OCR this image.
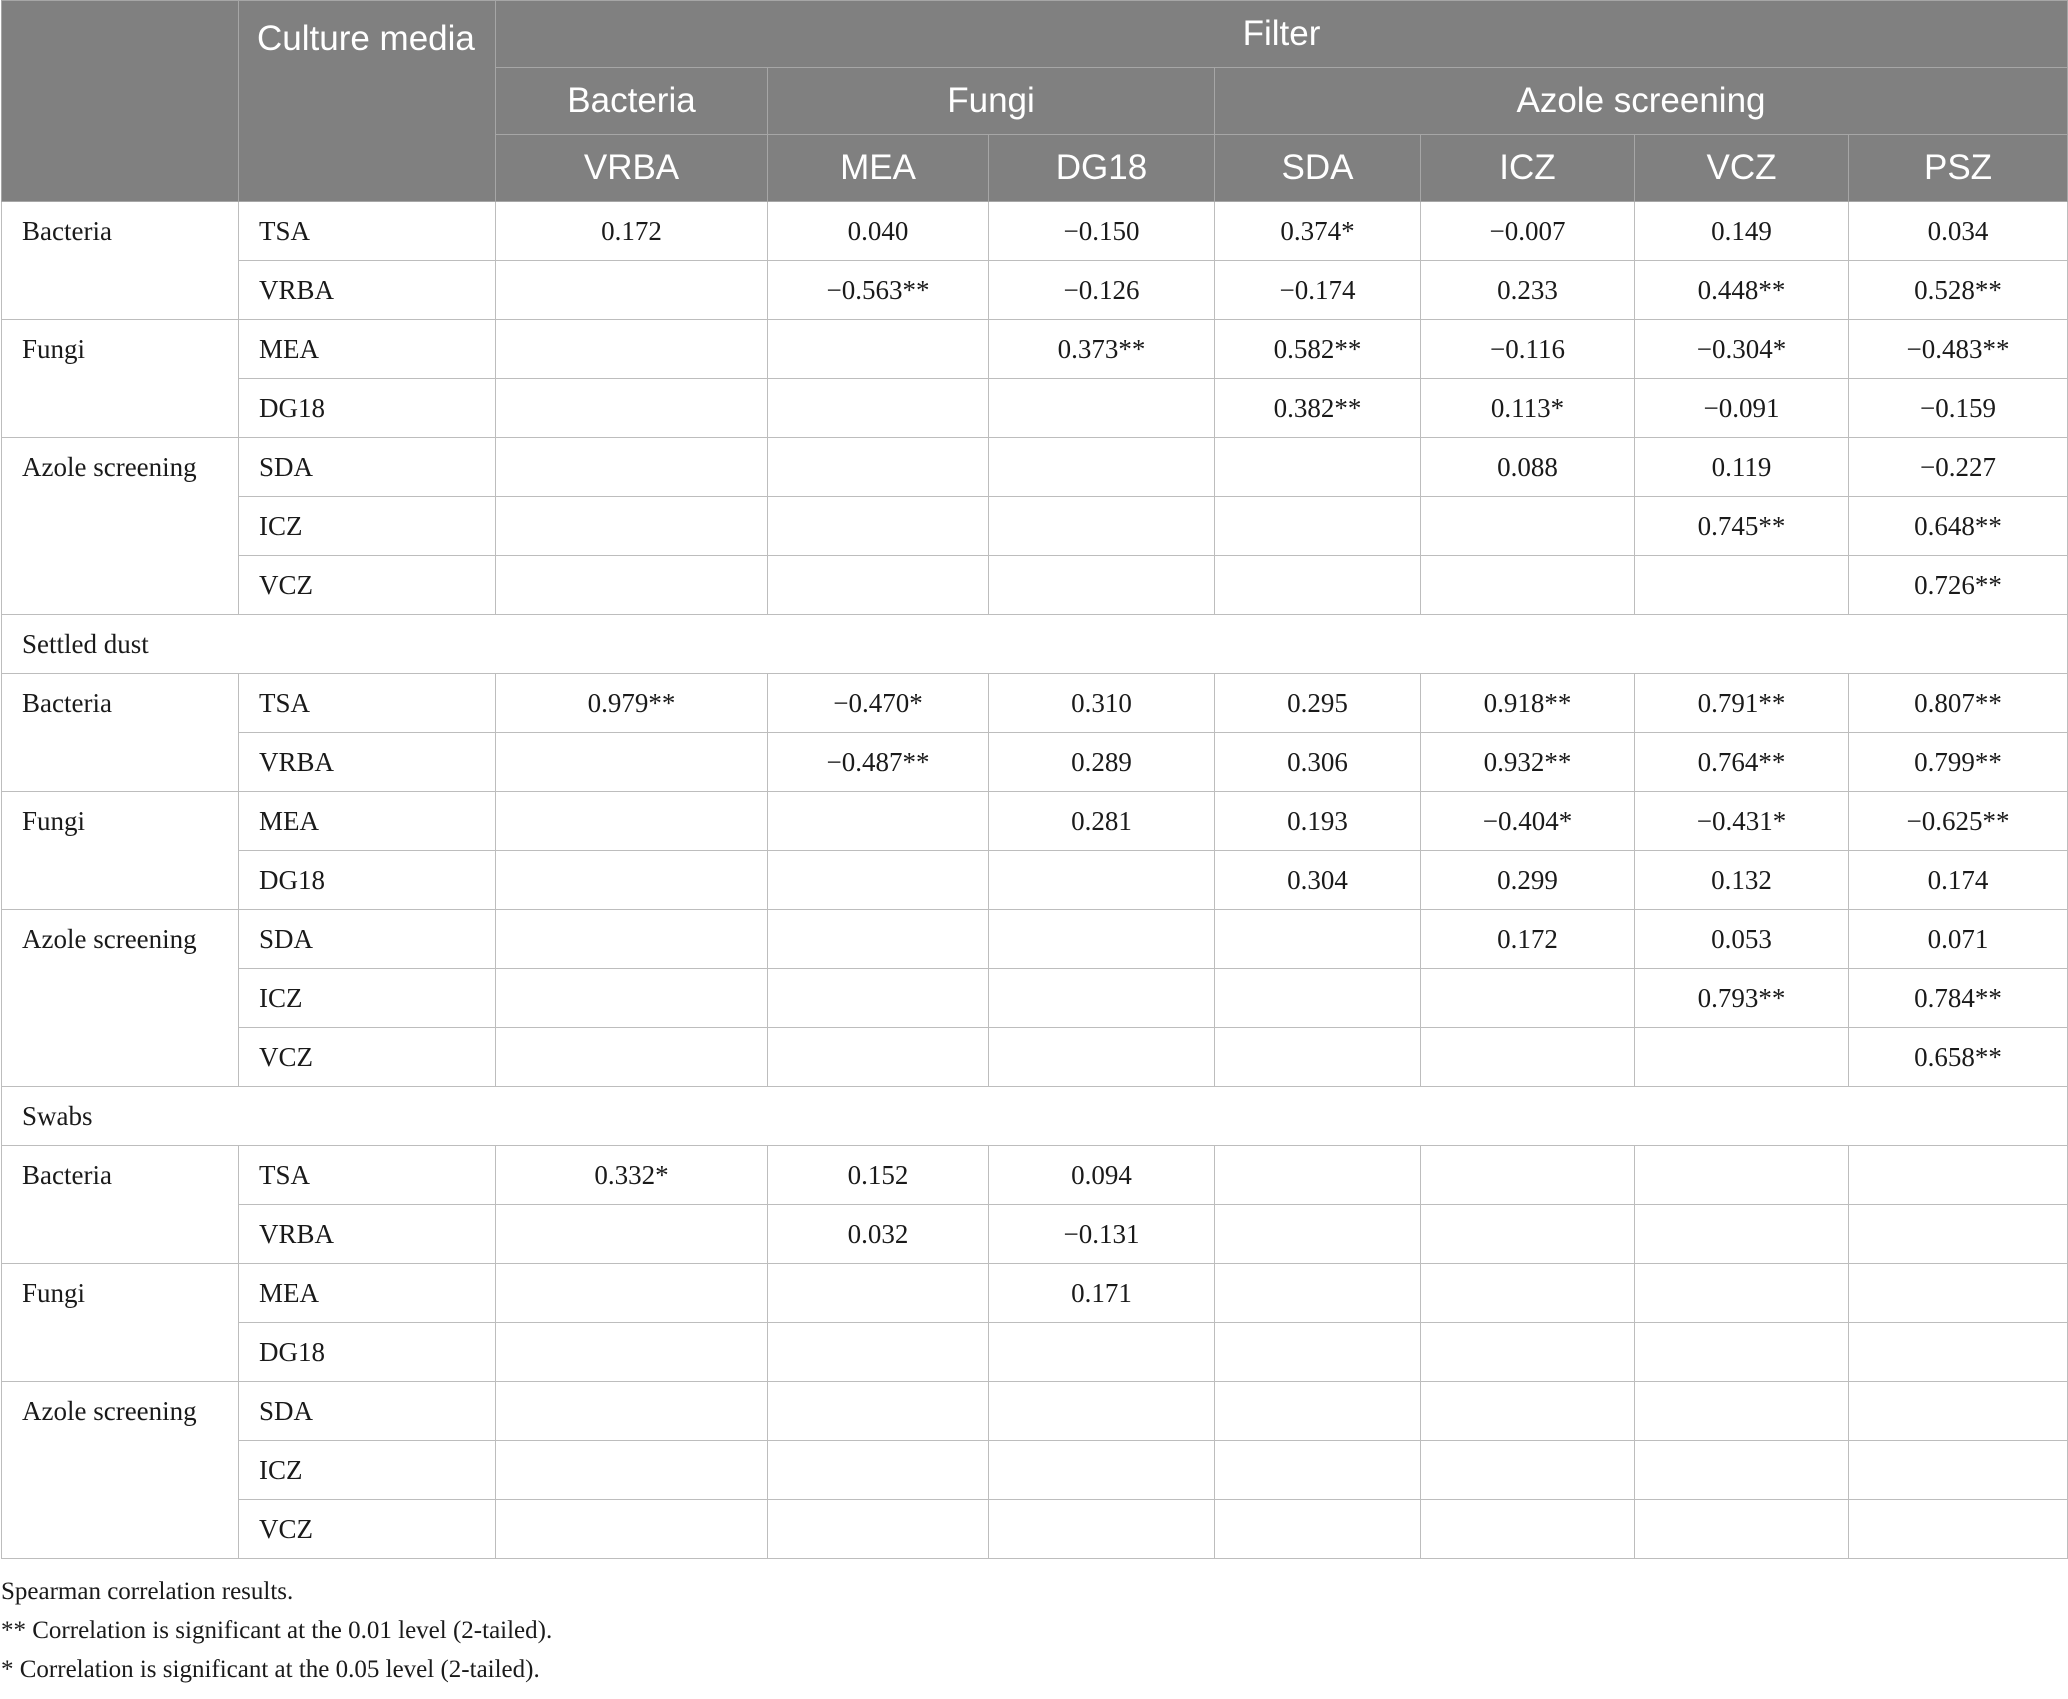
	Culture media	Filter						
		Bacteria	Fungi		Azole screening			
		VRBA	MEA	DG18	SDA	ICZ	VCZ	PSZ
Bacteria	TSA	0.172	0.040	−0.150	0.374*	−0.007	0.149	0.034
	VRBA		−0.563**	−0.126	−0.174	0.233	0.448**	0.528**
Fungi	MEA			0.373**	0.582**	−0.116	−0.304*	−0.483**
	DG18				0.382**	0.113*	−0.091	−0.159
Azole screening	SDA					0.088	0.119	−0.227
	ICZ						0.745**	0.648**
	VCZ							0.726**
Settled dust								
Bacteria	TSA	0.979**	−0.470*	0.310	0.295	0.918**	0.791**	0.807**
	VRBA		−0.487**	0.289	0.306	0.932**	0.764**	0.799**
Fungi	MEA			0.281	0.193	−0.404*	−0.431*	−0.625**
	DG18				0.304	0.299	0.132	0.174
Azole screening	SDA					0.172	0.053	0.071
	ICZ						0.793**	0.784**
	VCZ							0.658**
Swabs								
Bacteria	TSA	0.332*	0.152	0.094				
	VRBA		0.032	−0.131				
Fungi	MEA			0.171				
	DG18							
Azole screening	SDA							
	ICZ							
	VCZ							
Spearman correlation results.
** Correlation is significant at the 0.01 level (2-tailed).
* Correlation is significant at the 0.05 level (2-tailed).
